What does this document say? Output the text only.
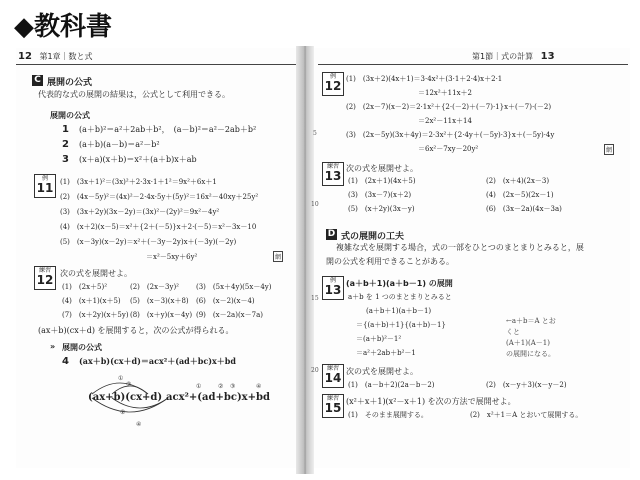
◆教科書
12 第1章｜数と式
C 展開の公式
代表的な式の展開の結果は，公式として利用できる。
展開の公式
1 (a＋b)²＝a²＋2ab＋b²，　(a－b)²＝a²－2ab＋b²
2 (a＋b)(a－b)＝a²－b²
3 (x＋a)(x＋b)＝x²＋(a＋b)x＋ab
例
11 (1)　(3x＋1)²＝(3x)²＋2·3x·1＋1²＝9x²＋6x＋1
(2)　(4x－5y)²＝(4x)²－2·4x·5y＋(5y)²＝16x²－40xy＋25y²
(3)　(3x＋2y)(3x－2y)＝(3x)²－(2y)²＝9x²－4y²
(4)　(x＋2)(x－5)＝x²＋{2＋(－5)}x＋2·(－5)＝x²－3x－10
(5)　(x－3y)(x－2y)＝x²＋(－3y－2y)x＋(－3y)(－2y)
＝x²－5xy＋6y²	網
練習
12 次の式を展開せよ。
(1)　(2x＋5)²	(2)　(2x－3y)² (3)　(5x＋4y)(5x－4y)
(4)　(x＋1)(x＋5) (5)　(x－3)(x＋8) (6)　(x－2)(x－4)
(7)　(x＋2y)(x＋5y) (8)　(x＋y)(x－4y) (9)　(x－2a)(x－7a)
(ax＋b)(cx＋d) を展開すると，次の公式が得られる。
» 展開の公式
4 (ax＋b)(cx＋d)＝acx²＋(ad＋bc)x＋bd
①
③
②
④
(ax+b)(cx+d) acx²+(ad+bc)x+bd
①	② ③	④
第1節｜式の計算 13
例
12 (1)　(3x＋2)(4x＋1)＝3·4x²＋(3·1＋2·4)x＋2·1
＝12x²＋11x＋2
(2)　(2x－7)(x－2)＝2·1x²＋{2·(－2)＋(－7)·1}x＋(－7)·(－2)
＝2x²－11x＋14
(3)　(2x－5y)(3x＋4y)＝2·3x²＋{2·4y＋(－5y)·3}x＋(－5y)·4y
＝6x²－7xy－20y²	網
5
10
15
20
練習
13
次の式を展開せよ。
(1)　(2x＋1)(4x＋5)	(2)　(x＋4)(2x－3)
(3)　(3x－7)(x＋2)	(4)　(2x－5)(2x－1)
(5)　(x＋2y)(3x－y)	(6)　(3x－2a)(4x－3a)
D 式の展開の工夫
複雑な式を展開する場合，式の一部をひとつのまとまりとみると，展
開の公式を利用できることがある。
例
13 (a＋b＋1)(a＋b－1) の展開
a＋b を 1 つのまとまりとみると
(a＋b＋1)(a＋b－1)
＝{(a＋b)＋1}{(a＋b)－1}
＝(a＋b)²－1²
＝a²＋2ab＋b²－1
←a＋b＝A とお
くと
(A＋1)(A－1)
の展開になる。
練習
14 次の式を展開せよ。
(1)　(a－b＋2)(2a－b－2)	(2)　(x－y＋3)(x－y－2)
練習
15 (x²＋x＋1)(x²－x＋1) を次の方法で展開せよ。
(1)　そのまま展開する。	(2)　x²＋1＝A とおいて展開する。
